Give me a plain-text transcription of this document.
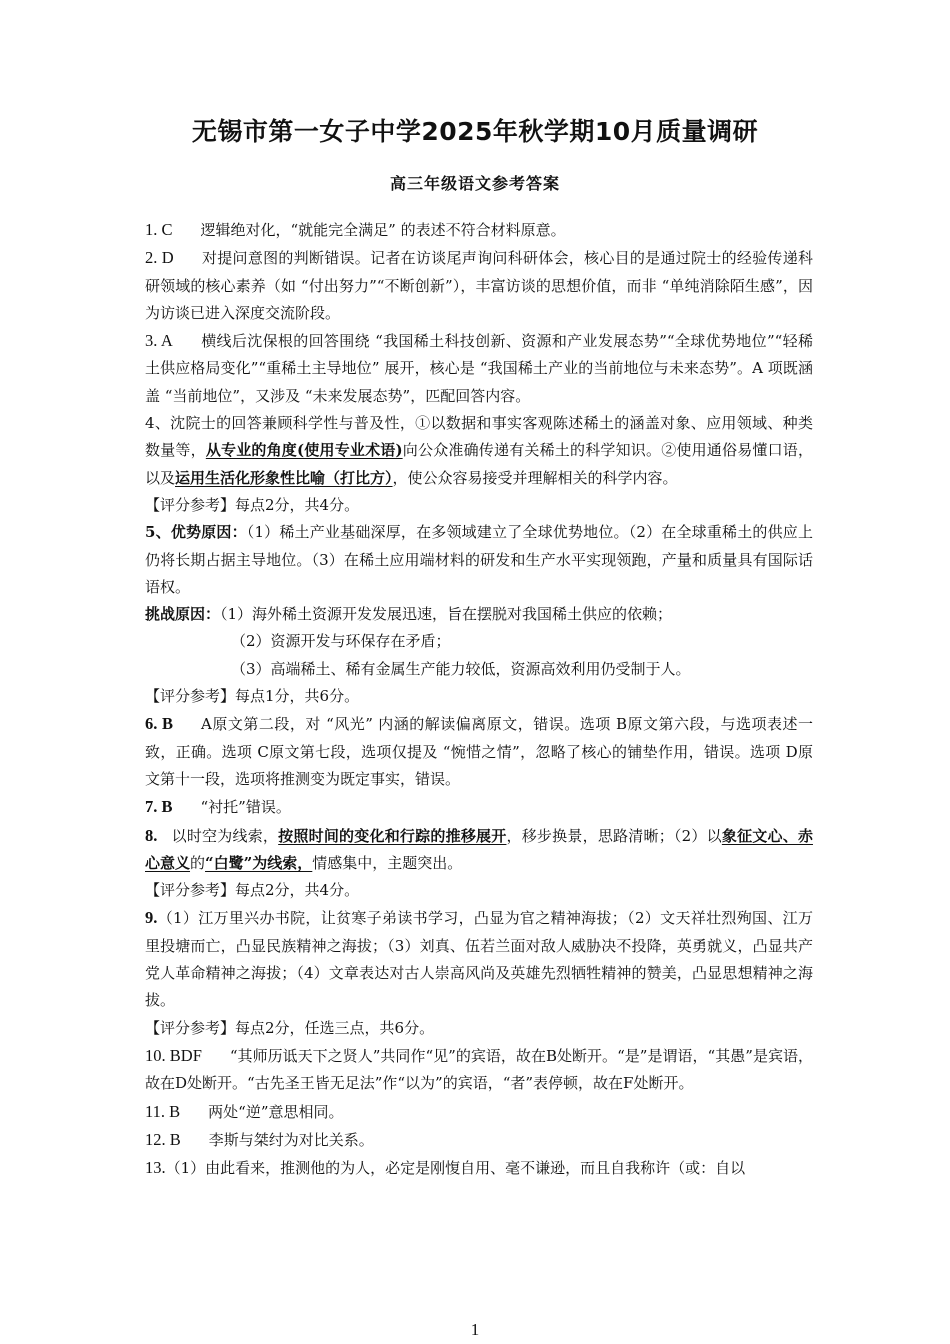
无锡市第一女子中学2025年秋学期10月质量调研
高三年级语文参考答案

1. C 逻辑绝对化，“就能完全满足” 的表述不符合材料原意。

2. D 对提问意图的判断错误。记者在访谈尾声询问科研体会，核心目的是通过院士的经验传递科研领域的核心素养（如 “付出努力”“不断创新”），丰富访谈的思想价值，而非 “单纯消除陌生感”，因为访谈已进入深度交流阶段。

3. A 横线后沈保根的回答围绕 “我国稀土科技创新、资源和产业发展态势”“全球优势地位”“轻稀土供应格局变化”“重稀土主导地位” 展开，核心是 “我国稀土产业的当前地位与未来态势”。A 项既涵盖 “当前地位”，又涉及 “未来发展态势”，匹配回答内容。

4、沈院士的回答兼顾科学性与普及性，①以数据和事实客观陈述稀土的涵盖对象、应用领域、种类数量等，从专业的角度(使用专业术语)向公众准确传递有关稀土的科学知识。②使用通俗易懂口语，以及运用生活化形象性比喻（打比方），使公众容易接受并理解相关的科学内容。

【评分参考】每点2分，共4分。

5、优势原因：（1）稀土产业基础深厚，在多领域建立了全球优势地位。（2）在全球重稀土的供应上仍将长期占据主导地位。（3）在稀土应用端材料的研发和生产水平实现领跑，产量和质量具有国际话语权。

挑战原因：（1）海外稀土资源开发发展迅速，旨在摆脱对我国稀土供应的依赖；

（2）资源开发与环保存在矛盾；

（3）高端稀土、稀有金属生产能力较低，资源高效利用仍受制于人。

【评分参考】每点1分，共6分。

6. B A原文第二段，对 “风光” 内涵的解读偏离原文，错误。选项 B原文第六段，与选项表述一致，正确。选项 C原文第七段，选项仅提及 “惋惜之情”，忽略了核心的铺垫作用，错误。选项 D原文第十一段，选项将推测变为既定事实，错误。

7. B “衬托”错误。

8. 以时空为线索，按照时间的变化和行踪的推移展开，移步换景，思路清晰；（2）以象征文心、赤心意义的“白鹭”为线索，情感集中，主题突出。

【评分参考】每点2分，共4分。

9.（1）江万里兴办书院，让贫寒子弟读书学习，凸显为官之精神海拔；（2）文天祥壮烈殉国、江万里投塘而亡，凸显民族精神之海拔；（3）刘真、伍若兰面对敌人威胁决不投降，英勇就义，凸显共产党人革命精神之海拔；（4）文章表达对古人崇高风尚及英雄先烈牺牲精神的赞美，凸显思想精神之海拔。

【评分参考】每点2分，任选三点，共6分。

10. BDF “其师历诋天下之贤人”共同作“见”的宾语，故在B处断开。“是”是谓语，“其愚”是宾语，故在D处断开。“古先圣王皆无足法”作“以为”的宾语，“者”表停顿，故在F处断开。

11. B 两处“逆”意思相同。

12. B 李斯与桀纣为对比关系。

13.（1）由此看来，推测他的为人，必定是刚愎自用、毫不谦逊，而且自我称许（或：自以

1
